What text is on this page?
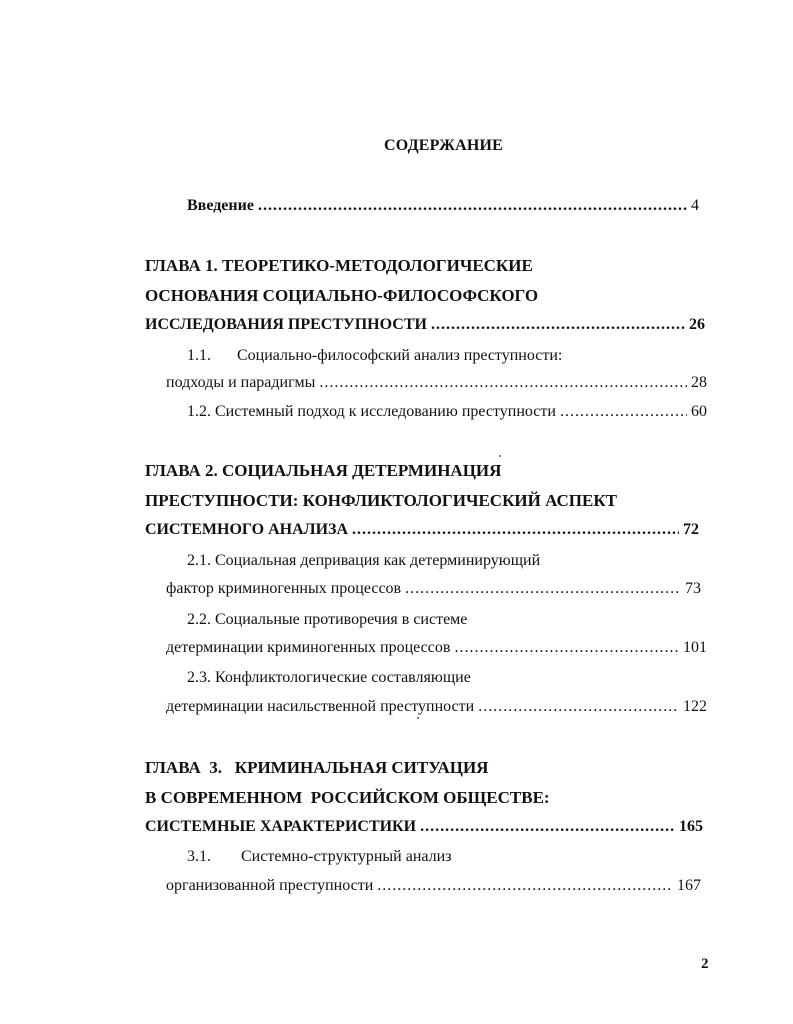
СОДЕРЖАНИЕ
Введение .....	4
ГЛАВА 1. ТЕОРЕТИКО-МЕТОДОЛОГИЧЕСКИЕ
ОСНОВАНИЯ СОЦИАЛЬНО-ФИЛОСОФСКОГО
ИССЛЕДОВАНИЯ ПРЕСТУПНОСТИ .....	26
1.1. Социально-философский анализ преступности:
подходы и парадигмы .....	28
1.2. Системный подход к исследованию преступности .....	60
ГЛАВА 2. СОЦИАЛЬНАЯ ДЕТЕРМИНАЦИЯ
ПРЕСТУПНОСТИ: КОНФЛИКТОЛОГИЧЕСКИЙ АСПЕКТ
СИСТЕМНОГО АНАЛИЗА .....	72
2.1. Социальная депривация как детерминирующий
фактор криминогенных процессов .....	73
2.2. Социальные противоречия в системе
детерминации криминогенных процессов .....	101
2.3. Конфликтологические составляющие
детерминации насильственной преступности .....	122
ГЛАВА  3.   КРИМИНАЛЬНАЯ СИТУАЦИЯ
В СОВРЕМЕННОМ  РОССИЙСКОМ ОБЩЕСТВЕ:
СИСТЕМНЫЕ ХАРАКТЕРИСТИКИ .....	165
3.1. Системно-структурный анализ
организованной преступности .....	167
2
